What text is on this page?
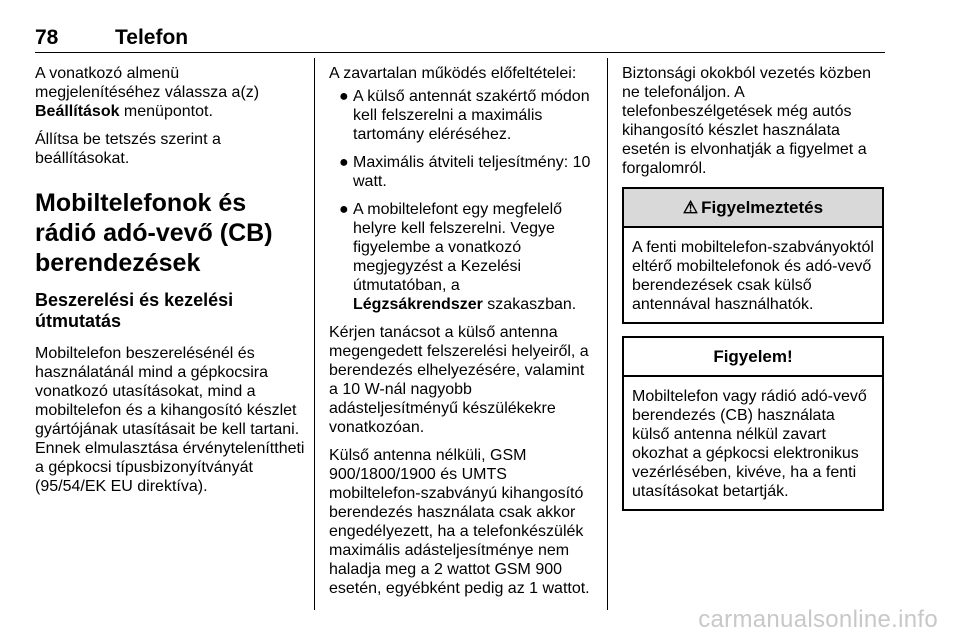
78	Telefon

A vonatkozó almenü megjelenítéséhez válassza a(z) Beállítások menüpontot.

Állítsa be tetszés szerint a beállításokat.

Mobiltelefonok és rádió adó-vevő (CB) berendezések
Beszerelési és kezelési útmutatás

Mobiltelefon beszerelésénél és használatánál mind a gépkocsira vonatkozó utasításokat, mind a mobiltelefon és a kihangosító készlet gyártójának utasításait be kell tartani. Ennek elmulasztása érvényteleníttheti a gépkocsi típusbizonyítványát (95/54/EK EU direktíva).

A zavartalan működés előfeltételei:

● A külső antennát szakértő módon kell felszerelni a maximális tartomány eléréséhez.
● Maximális átviteli teljesítmény: 10 watt.
● A mobiltelefont egy megfelelő helyre kell felszerelni. Vegye figyelembe a vonatkozó megjegyzést a Kezelési útmutatóban, a Légzsákrendszer szakaszban.

Kérjen tanácsot a külső antenna megengedett felszerelési helyeiről, a berendezés elhelyezésére, valamint a 10 W-nál nagyobb adásteljesítményű készülékekre vonatkozóan.

Külső antenna nélküli, GSM 900/1800/1900 és UMTS mobiltelefon-szabványú kihangosító berendezés használata csak akkor engedélyezett, ha a telefonkészülék maximális adásteljesítménye nem haladja meg a 2 wattot GSM 900 esetén, egyébként pedig az 1 wattot.

Biztonsági okokból vezetés közben ne telefonáljon. A telefonbeszélgetések még autós kihangosító készlet használata esetén is elvonhatják a figyelmet a forgalomról.

⚠ Figyelmeztetés
A fenti mobiltelefon-szabványoktól eltérő mobiltelefonok és adó-vevő berendezések csak külső antennával használhatók.
Figyelem!
Mobiltelefon vagy rádió adó-vevő berendezés (CB) használata külső antenna nélkül zavart okozhat a gépkocsi elektronikus vezérlésében, kivéve, ha a fenti utasításokat betartják.
carmanualsonline.info
